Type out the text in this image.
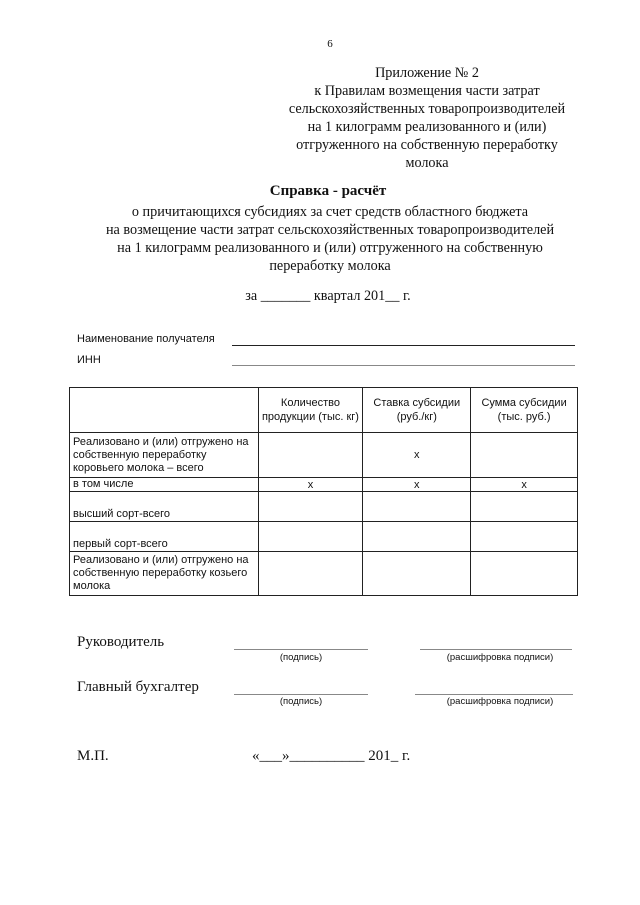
6
Приложение № 2
к Правилам возмещения части затрат
сельскохозяйственных товаропроизводителей
на 1 килограмм реализованного и (или)
отгруженного на собственную переработку
молока
Справка - расчёт
о причитающихся субсидиях за счет средств областного бюджета
на возмещение части затрат сельскохозяйственных товаропроизводителей
на 1 килограмм реализованного и (или) отгруженного на собственную
переработку молока
за _______ квартал 201__ г.
Наименование получателя
ИНН
	Количество продукции (тыс. кг)	Ставка субсидии (руб./кг)	Сумма субсидии (тыс. руб.)
Реализовано и (или) отгружено на собственную переработку коровьего молока – всего		х	
в том числе	х	х	х
высший сорт-всего			
первый сорт-всего			
Реализовано и (или) отгружено на собственную переработку козьего молока			
Руководитель
(подпись)	(расшифровка подписи)
Главный бухгалтер
(подпись)	(расшифровка подписи)
М.П.	«___»__________ 201_ г.
